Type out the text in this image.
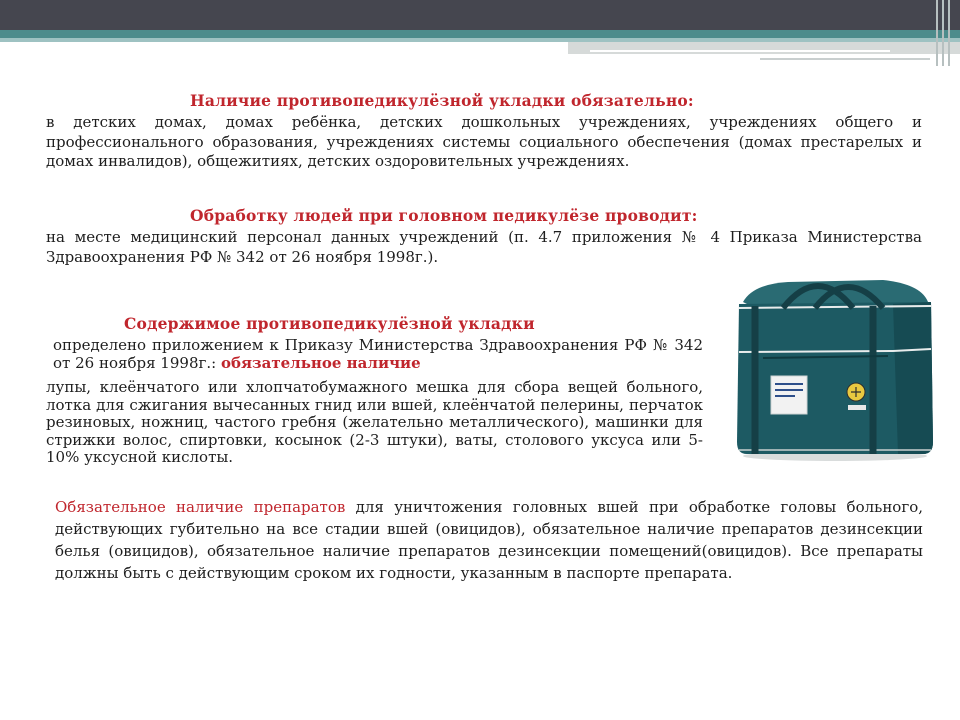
Наличие противопедикулёзной укладки обязательно:
в детских домах, домах ребёнка, детских дошкольных учреждениях, учреждениях общего и профессионального образования, учреждениях системы социального обеспечения (домах престарелых и домах инвалидов), общежитиях, детских оздоровительных учреждениях.
Обработку людей при головном педикулёзе проводит:
на месте медицинский персонал данных учреждений (п. 4.7 приложения № 4 Приказа Министерства Здравоохранения РФ № 342 от 26 ноября 1998г.).
Содержимое противопедикулёзной укладки
определено приложением к Приказу Министерства Здравоохранения РФ № 342 от 26 ноября 1998г.: обязательное наличие
лупы, клеёнчатого или хлопчатобумажного мешка для сбора вещей больного, лотка для сжигания вычесанных гнид или вшей, клеёнчатой пелерины, перчаток резиновых, ножниц, частого гребня (желательно металлического), машинки для стрижки волос, спиртовки, косынок (2-3 штуки), ваты, столового уксуса или 5-10% уксусной кислоты.
Обязательное наличие препаратов для уничтожения головных вшей при обработке головы больного, действующих губительно на все стадии вшей (овицидов), обязательное наличие препаратов дезинсекции белья (овицидов), обязательное наличие препаратов дезинсекции помещений(овицидов). Все препараты должны быть с действующим сроком их годности, указанным в паспорте препарата.
